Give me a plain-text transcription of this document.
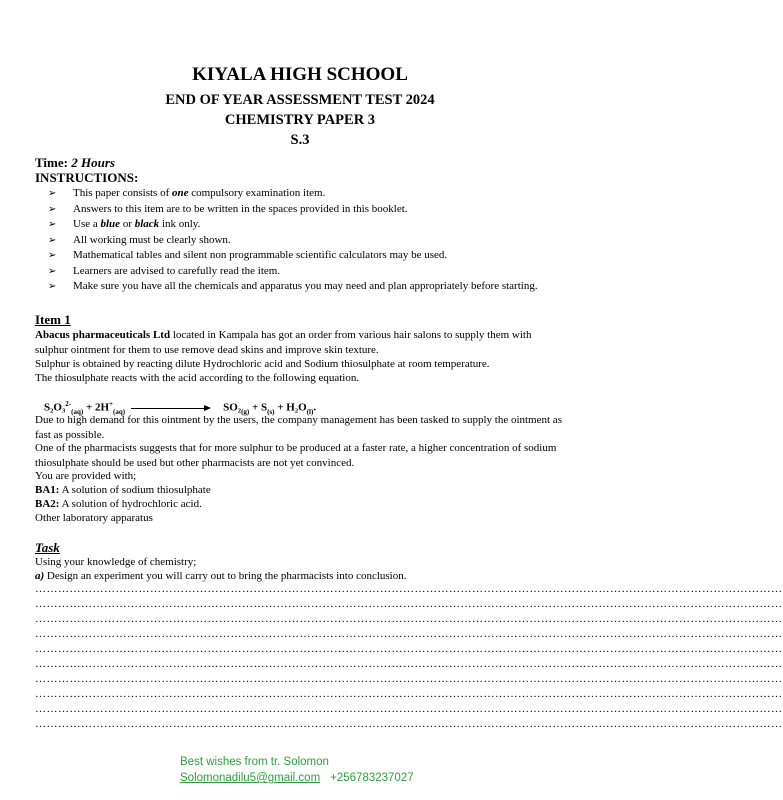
KIYALA HIGH SCHOOL
END OF YEAR ASSESSMENT TEST 2024
CHEMISTRY PAPER 3
S.3
Time: 2 Hours
INSTRUCTIONS:
➢ This paper consists of one compulsory examination item.
➢ Answers to this item are to be written in the spaces provided in this booklet.
➢ Use a blue or black ink only.
➢ All working must be clearly shown.
➢ Mathematical tables and silent non programmable scientific calculators may be used.
➢ Learners are advised to carefully read the item.
➢ Make sure you have all the chemicals and apparatus you may need and plan appropriately before starting.
Item 1
Abacus pharmaceuticals Ltd located in Kampala has got an order from various hair salons to supply them with sulphur ointment for them to use remove dead skins and improve skin texture.
Sulphur is obtained by reacting dilute Hydrochloric acid and Sodium thiosulphate at room temperature.
The thiosulphate reacts with the acid according to the following equation.
$S_2O_3^{2-}_{(aq)} + 2H^+_{(aq)}$	$SO_2_{(g)} + S_{(s)} + H_2O_{(l)}$.
Due to high demand for this ointment by the users, the company management has been tasked to supply the ointment as fast as possible.
One of the pharmacists suggests that for more sulphur to be produced at a faster rate, a higher concentration of sodium thiosulphate should be used but other pharmacists are not yet convinced.
You are provided with;
BA1: A solution of sodium thiosulphate
BA2: A solution of hydrochloric acid.
Other laboratory apparatus
Task
Using your knowledge of chemistry;
a) Design an experiment you will carry out to bring the pharmacists into conclusion.
……………………………………………………………………………………………………………………………………………………………………………
……………………………………………………………………………………………………………………………………………………………………………
……………………………………………………………………………………………………………………………………………………………………………
……………………………………………………………………………………………………………………………………………………………………………
……………………………………………………………………………………………………………………………………………………………………………
……………………………………………………………………………………………………………………………………………………………………………
……………………………………………………………………………………………………………………………………………………………………………
……………………………………………………………………………………………………………………………………………………………………………
……………………………………………………………………………………………………………………………………………………………………………
……………………………………………………………………………………………………………………………………………………………………………
Best wishes from tr. Solomon
Solomonadilu5@gmail.com +256783237027
